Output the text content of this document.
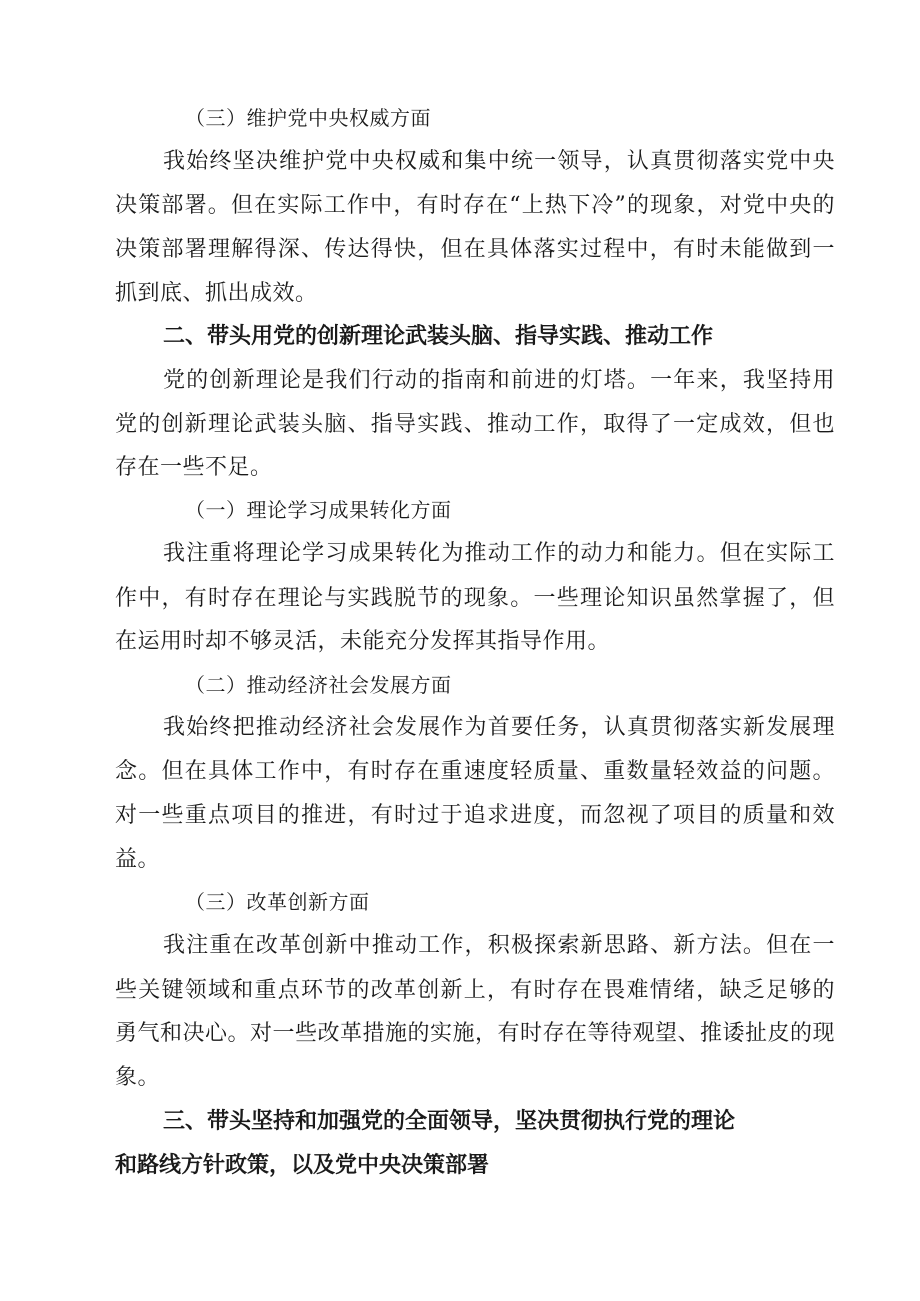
（三）维护党中央权威方面
我始终坚决维护党中央权威和集中统一领导，认真贯彻落实党中央
决策部署。但在实际工作中，有时存在“上热下冷”的现象，对党中央的
决策部署理解得深、传达得快，但在具体落实过程中，有时未能做到一
抓到底、抓出成效。
二、带头用党的创新理论武装头脑、指导实践、推动工作
党的创新理论是我们行动的指南和前进的灯塔。一年来，我坚持用
党的创新理论武装头脑、指导实践、推动工作，取得了一定成效，但也
存在一些不足。
（一）理论学习成果转化方面
我注重将理论学习成果转化为推动工作的动力和能力。但在实际工
作中，有时存在理论与实践脱节的现象。一些理论知识虽然掌握了，但
在运用时却不够灵活，未能充分发挥其指导作用。
（二）推动经济社会发展方面
我始终把推动经济社会发展作为首要任务，认真贯彻落实新发展理
念。但在具体工作中，有时存在重速度轻质量、重数量轻效益的问题。
对一些重点项目的推进，有时过于追求进度，而忽视了项目的质量和效
益。
（三）改革创新方面
我注重在改革创新中推动工作，积极探索新思路、新方法。但在一
些关键领域和重点环节的改革创新上，有时存在畏难情绪，缺乏足够的
勇气和决心。对一些改革措施的实施，有时存在等待观望、推诿扯皮的现
象。
三、带头坚持和加强党的全面领导，坚决贯彻执行党的理论
和路线方针政策，以及党中央决策部署
